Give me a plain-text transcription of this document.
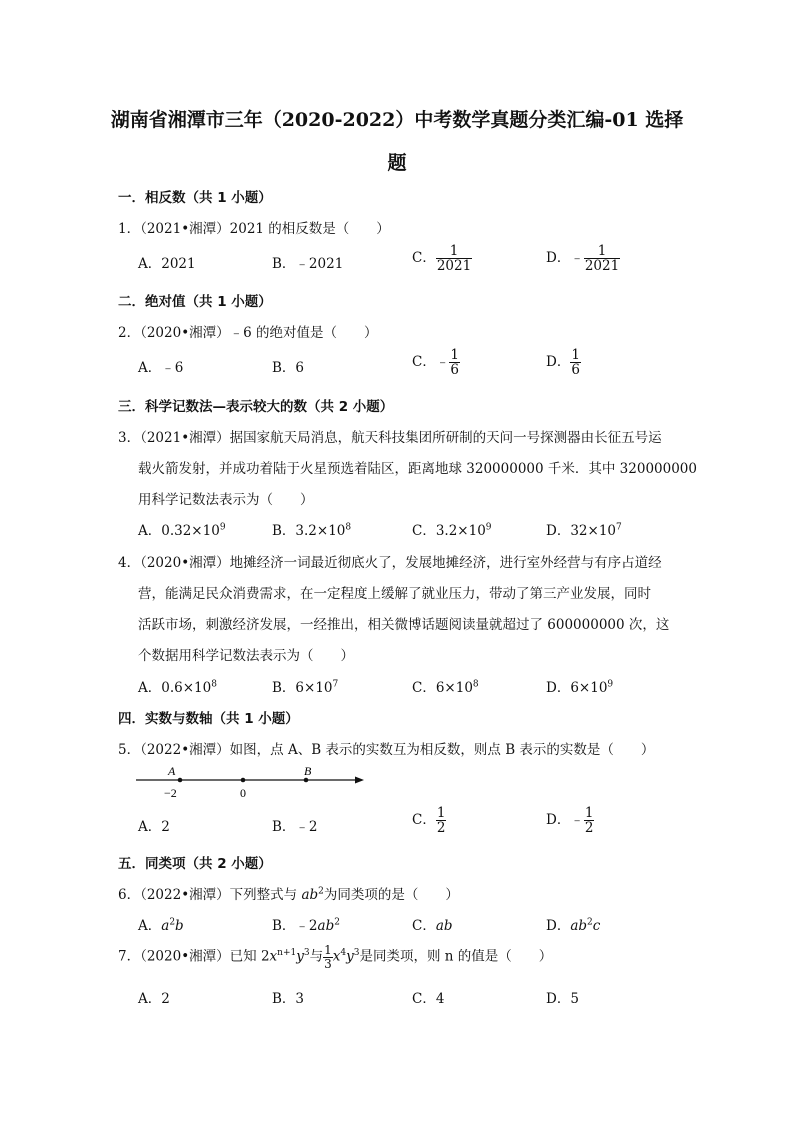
湖南省湘潭市三年（2020-2022）中考数学真题分类汇编-01 选择
题
一．相反数（共 1 小题）
1．（2021•湘潭）2021 的相反数是（　　）
A．2021	B．﹣2021	C． $\frac{1}{2021}$	D．﹣ $\frac{1}{2021}$
二．绝对值（共 1 小题）
2．（2020•湘潭）﹣6 的绝对值是（　　）
A．﹣6	B．6	C．﹣ $\frac{1}{6}$	D． $\frac{1}{6}$
三．科学记数法—表示较大的数（共 2 小题）
3．（2021•湘潭）据国家航天局消息，航天科技集团所研制的天问一号探测器由长征五号运
载火箭发射，并成功着陆于火星预选着陆区，距离地球 320000000 千米．其中 320000000
用科学记数法表示为（　　）
A．$0.32\times 10^9$	B．$3.2\times 10^8$	C．$3.2\times 10^9$	D．$32\times 10^7$
4．（2020•湘潭）地摊经济一词最近彻底火了，发展地摊经济，进行室外经营与有序占道经
营，能满足民众消费需求，在一定程度上缓解了就业压力，带动了第三产业发展，同时
活跃市场，刺激经济发展，一经推出，相关微博话题阅读量就超过了 600000000 次，这
个数据用科学记数法表示为（　　）
A．$0.6\times 10^8$	B．$6\times 10^7$	C．$6\times 10^8$	D．$6\times 10^9$
四．实数与数轴（共 1 小题）
5．（2022•湘潭）如图，点 A、B 表示的实数互为相反数，则点 B 表示的实数是（　　）
A	B
−2	0
A．2	B．﹣2	C． $\frac{1}{2}$	D．﹣ $\frac{1}{2}$
五．同类项（共 2 小题）
6．（2022•湘潭）下列整式与 $ab^2$为同类项的是（　　）
A．$a^2b$	B．$﹣2ab^2$	C．ab	D．$ab^2c$
7．（2020•湘潭）已知 $2x^{n+1}y^3$与 $\frac{1}{3} x^4y^3$是同类项，则 n 的值是（　　）
A．2	B．3	C．4	D．5
